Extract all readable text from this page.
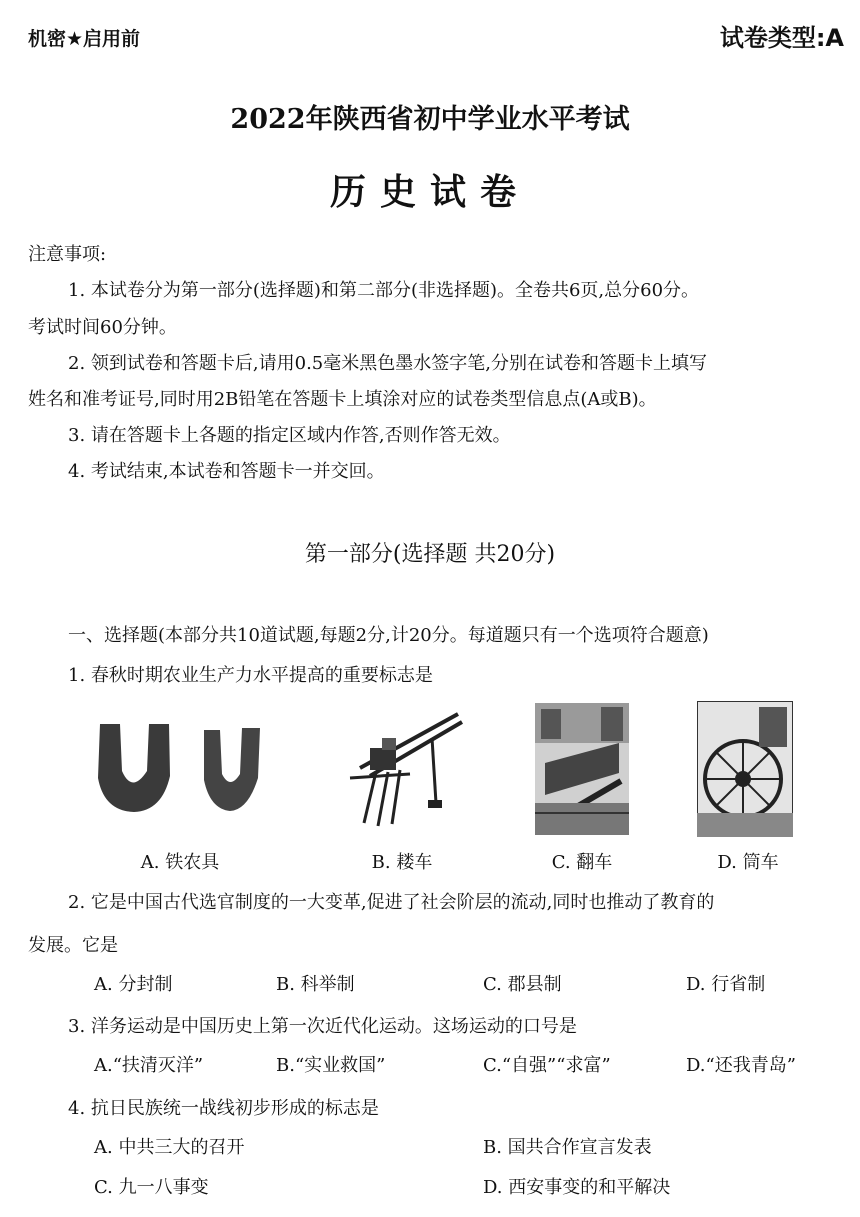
机密★启用前	试卷类型:A
2022年陕西省初中学业水平考试
历史试卷
注意事项:
1. 本试卷分为第一部分(选择题)和第二部分(非选择题)。全卷共6页,总分60分。
考试时间60分钟。
2. 领到试卷和答题卡后,请用0.5毫米黑色墨水签字笔,分别在试卷和答题卡上填写
姓名和准考证号,同时用2B铅笔在答题卡上填涂对应的试卷类型信息点(A或B)。
3. 请在答题卡上各题的指定区域内作答,否则作答无效。
4. 考试结束,本试卷和答题卡一并交回。
第一部分(选择题 共20分)
一、选择题(本部分共10道试题,每题2分,计20分。每道题只有一个选项符合题意)
1. 春秋时期农业生产力水平提高的重要标志是
A. 铁农具	B. 耧车	C. 翻车	D. 筒车
2. 它是中国古代选官制度的一大变革,促进了社会阶层的流动,同时也推动了教育的
发展。它是
A. 分封制	B. 科举制	C. 郡县制	D. 行省制
3. 洋务运动是中国历史上第一次近代化运动。这场运动的口号是
A.“扶清灭洋”	B.“实业救国”	C.“自强”“求富”	D.“还我青岛”
4. 抗日民族统一战线初步形成的标志是
A. 中共三大的召开	B. 国共合作宣言发表
C. 九一八事变	D. 西安事变的和平解决
